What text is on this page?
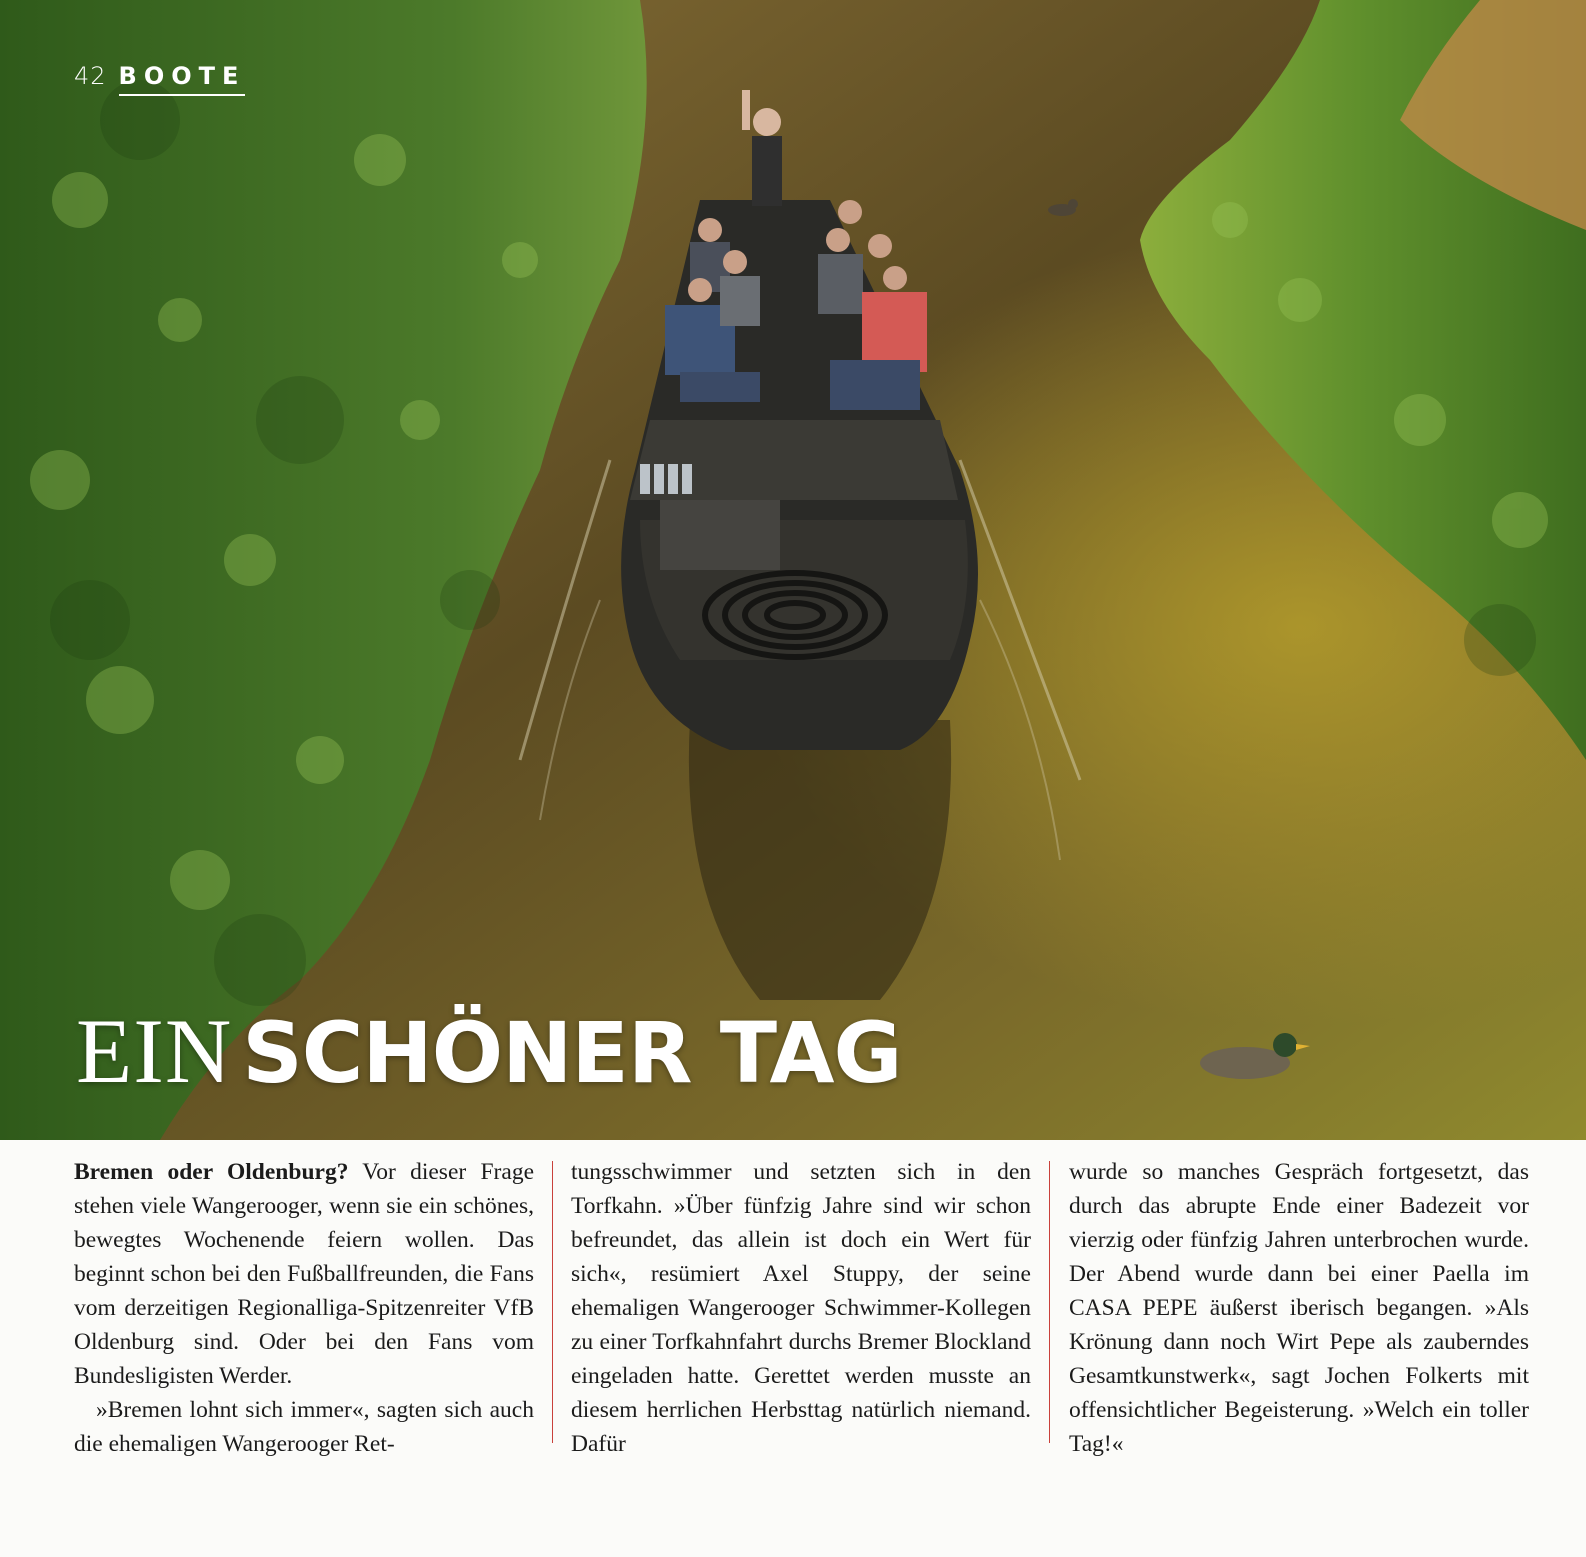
42 BOOTE
EIN SCHÖNER TAG

Bremen oder Oldenburg? Vor dieser Frage stehen viele Wangerooger, wenn sie ein schönes, bewegtes Wochenende feiern wollen. Das beginnt schon bei den Fußballfreunden, die Fans vom derzeitigen Regionalliga-Spitzenreiter VfB Oldenburg sind. Oder bei den Fans vom Bundesligisten Werder.

»Bremen lohnt sich immer«, sagten sich auch die ehemaligen Wangerooger Ret-

tungsschwimmer und setzten sich in den Torfkahn. »Über fünfzig Jahre sind wir schon befreundet, das allein ist doch ein Wert für sich«, resümiert Axel Stuppy, der seine ehemaligen Wangerooger Schwimmer-Kollegen zu einer Torfkahnfahrt durchs Bremer Blockland eingeladen hatte. Gerettet werden musste an diesem herrlichen Herbsttag natürlich niemand. Dafür

wurde so manches Gespräch fortgesetzt, das durch das abrupte Ende einer Badezeit vor vierzig oder fünfzig Jahren unterbrochen wurde. Der Abend wurde dann bei einer Paella im CASA PEPE äußerst iberisch begangen. »Als Krönung dann noch Wirt Pepe als zauberndes Gesamtkunstwerk«, sagt Jochen Folkerts mit offensichtlicher Begeisterung. »Welch ein toller Tag!«
